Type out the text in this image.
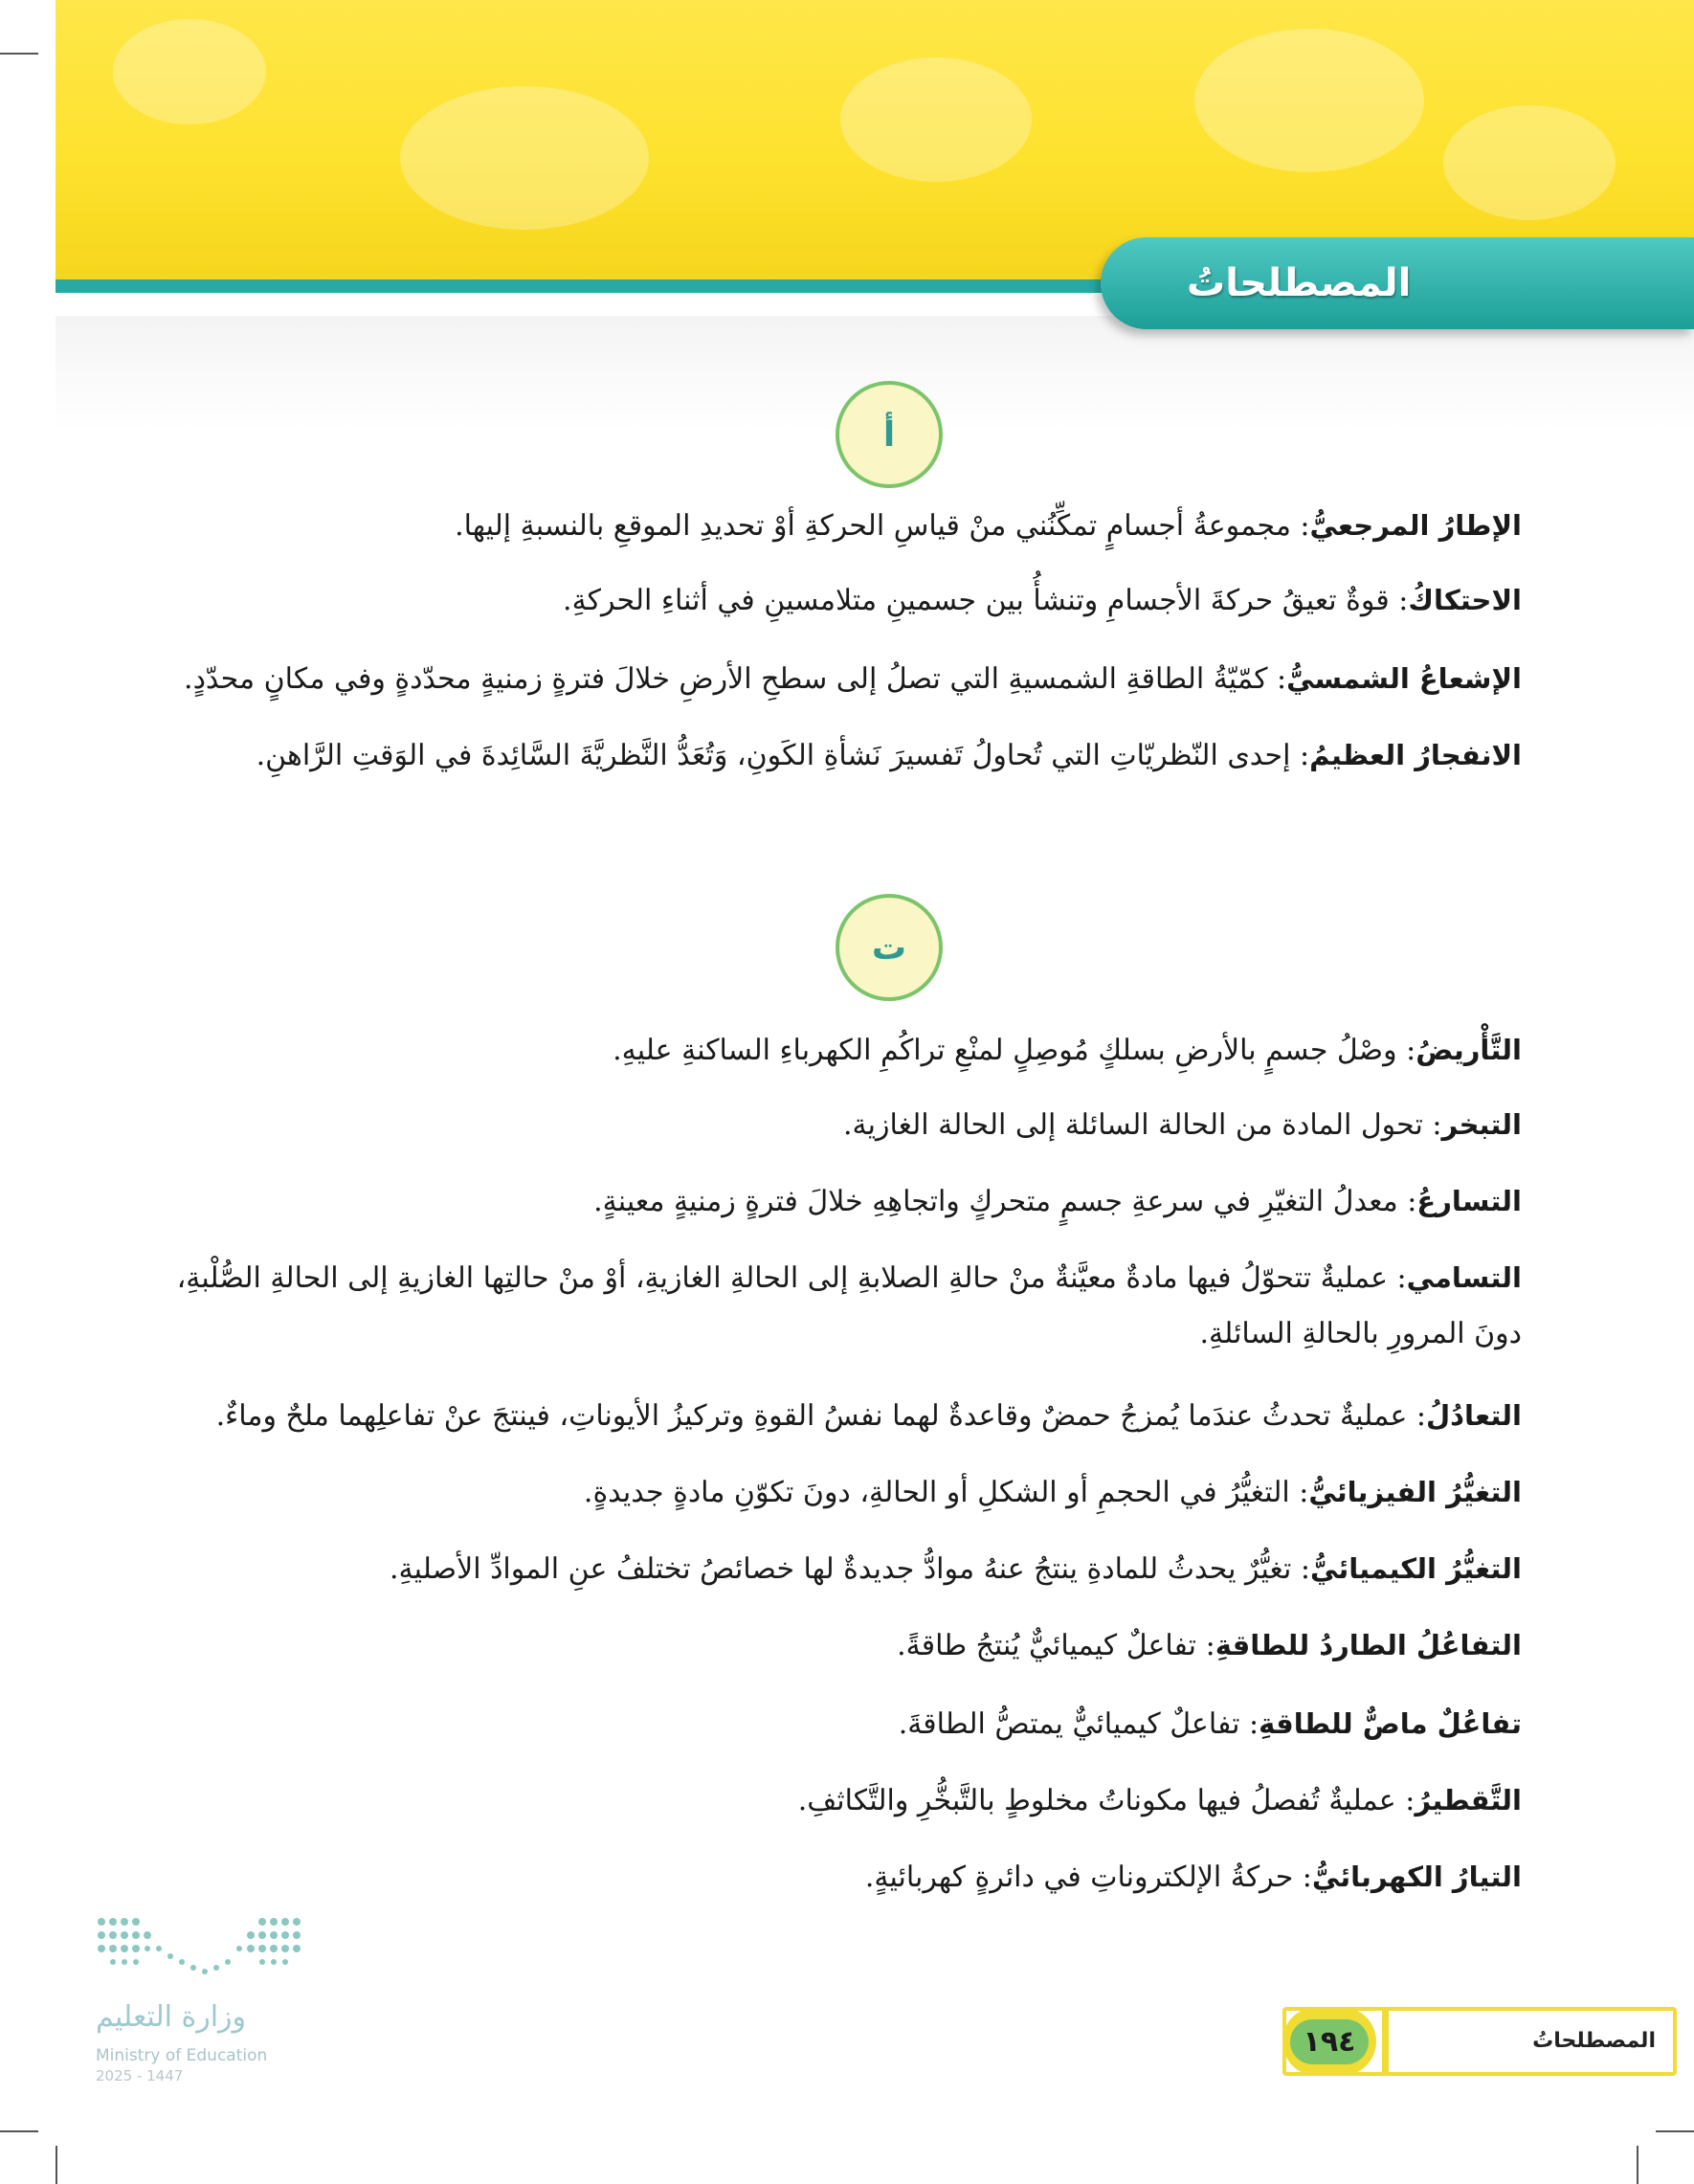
المصطلحاتُ
أ
الإطارُ المرجعيُّ: مجموعةُ أجسامٍ تمكِّنُني منْ قياسِ الحركةِ أوْ تحديدِ الموقعِ بالنسبةِ إليها.
الاحتكاكُ: قوةٌ تعيقُ حركةَ الأجسامِ وتنشأُ بين جسمينِ متلامسينِ في أثناءِ الحركةِ.
الإشعاعُ الشمسيُّ: كمّيّةُ الطاقةِ الشمسيةِ التي تصلُ إلى سطحِ الأرضِ خلالَ فترةٍ زمنيةٍ محدّدةٍ وفي مكانٍ محدّدٍ.
الانفجارُ العظيمُ: إحدى النّظريّاتِ التي تُحاولُ تَفسيرَ نَشأةِ الكَونِ، وَتُعَدُّ النَّظريَّةَ السَّائِدةَ في الوَقتِ الرَّاهنِ.
ت
التَّأْريضُ: وصْلُ جسمٍ بالأرضِ بسلكٍ مُوصِلٍ لمنْعِ تراكُمِ الكهرباءِ الساكنةِ عليهِ.
التبخر: تحول المادة من الحالة السائلة إلى الحالة الغازية.
التسارعُ: معدلُ التغيّرِ في سرعةِ جسمٍ متحركٍ واتجاهِهِ خلالَ فترةٍ زمنيةٍ معينةٍ.
التسامي: عمليةٌ تتحوّلُ فيها مادةٌ معيَّنةٌ منْ حالةِ الصلابةِ إلى الحالةِ الغازيةِ، أوْ منْ حالتِها الغازيةِ إلى الحالةِ الصُّلْبةِ، دونَ المرورِ بالحالةِ السائلةِ.
التعادُلُ: عمليةٌ تحدثُ عندَما يُمزجُ حمضٌ وقاعدةٌ لهما نفسُ القوةِ وتركيزُ الأيوناتِ، فينتجَ عنْ تفاعلِهما ملحٌ وماءٌ.
التغيُّرُ الفيزيائيُّ: التغيُّرُ في الحجمِ أو الشكلِ أو الحالةِ، دونَ تكوّنِ مادةٍ جديدةٍ.
التغيُّرُ الكيميائيُّ: تغيُّرٌ يحدثُ للمادةِ ينتجُ عنهُ موادُّ جديدةٌ لها خصائصُ تختلفُ عنِ الموادِّ الأصليةِ.
التفاعُلُ الطاردُ للطاقةِ: تفاعلٌ كيميائيٌّ يُنتجُ طاقةً.
تفاعُلٌ ماصٌّ للطاقةِ: تفاعلٌ كيميائيٌّ يمتصُّ الطاقةَ.
التَّقطيرُ: عمليةٌ تُفصلُ فيها مكوناتُ مخلوطٍ بالتَّبخُّرِ والتَّكاثفِ.
التيارُ الكهربائيُّ: حركةُ الإلكتروناتِ في دائرةٍ كهربائيةٍ.
وزارة التعليم
Ministry of Education
2025 - 1447
المصطلحاتُ
١٩٤
